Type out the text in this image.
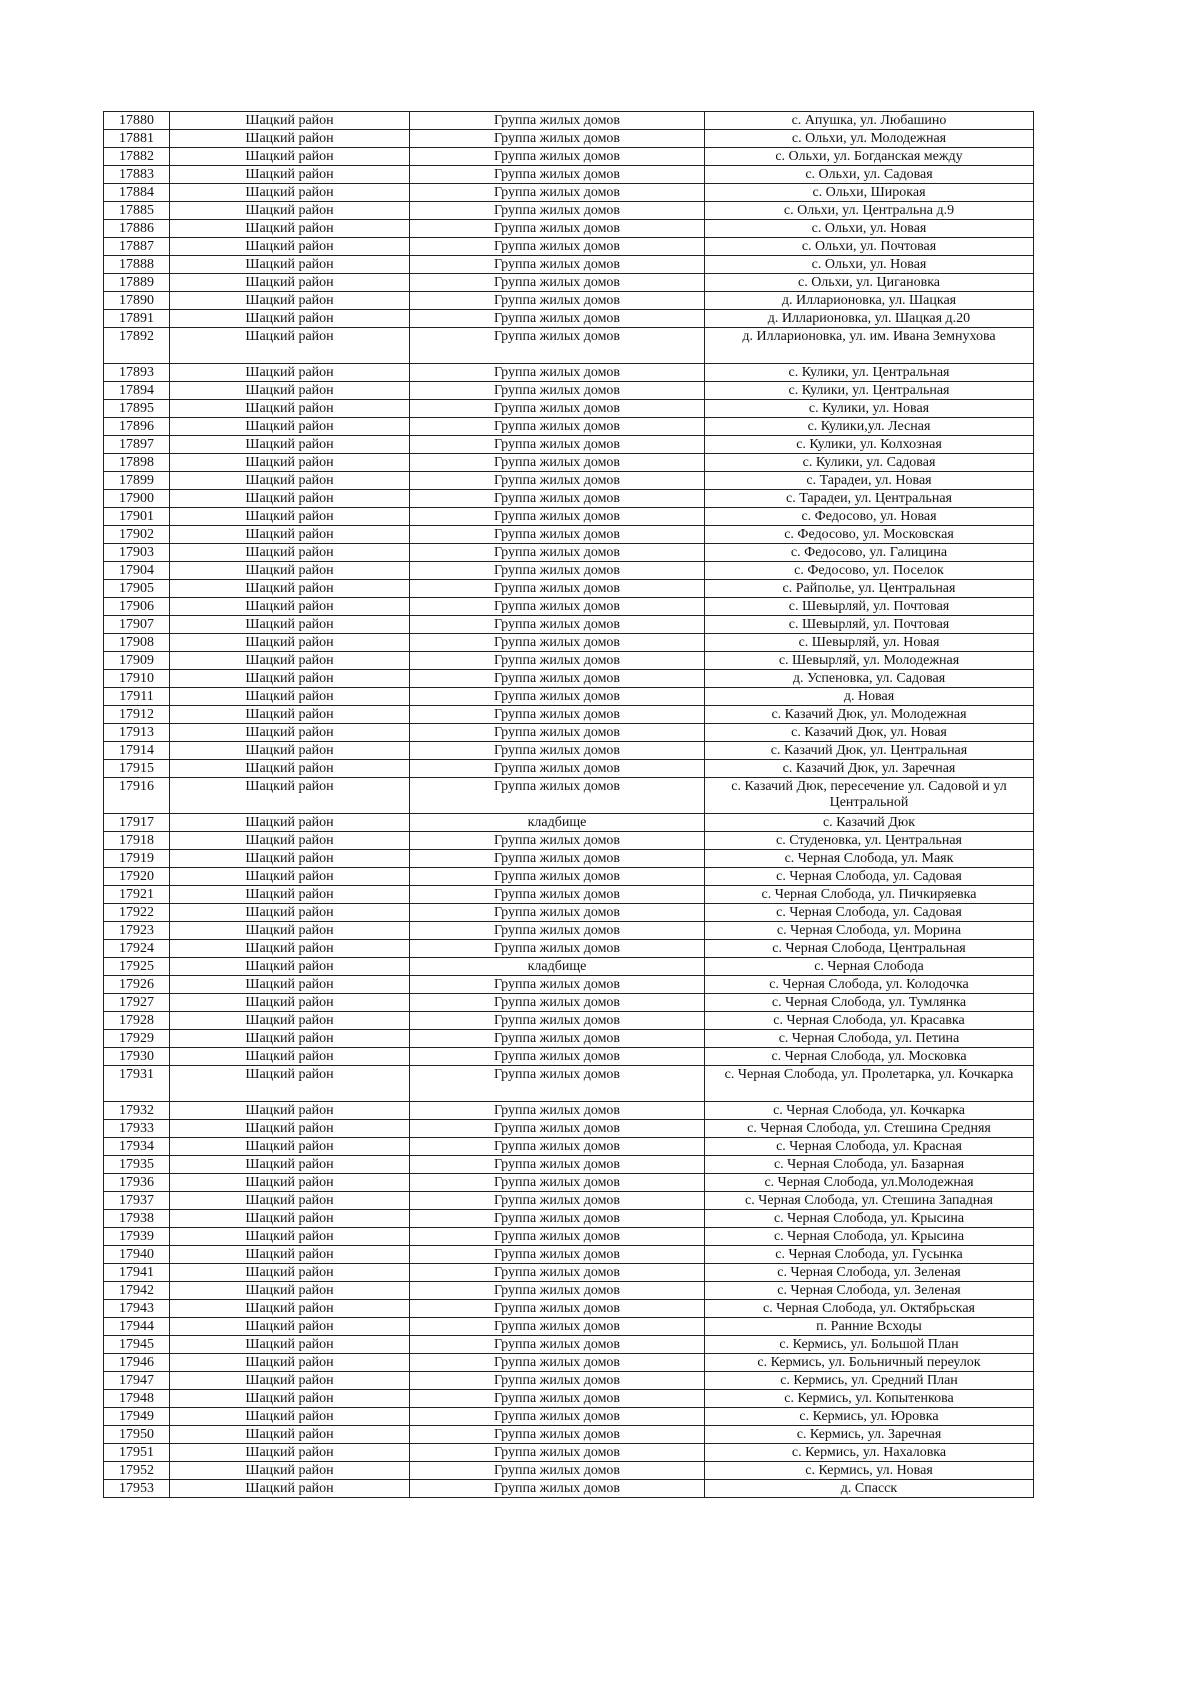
17880	Шацкий район	Группа жилых домов	с. Апушка, ул. Любашино
17881	Шацкий район	Группа жилых домов	с. Ольхи, ул. Молодежная
17882	Шацкий район	Группа жилых домов	с. Ольхи, ул. Богданская между
17883	Шацкий район	Группа жилых домов	с. Ольхи, ул. Садовая
17884	Шацкий район	Группа жилых домов	с. Ольхи, Широкая
17885	Шацкий район	Группа жилых домов	с. Ольхи, ул. Центральна д.9
17886	Шацкий район	Группа жилых домов	с. Ольхи, ул. Новая
17887	Шацкий район	Группа жилых домов	с. Ольхи, ул. Почтовая
17888	Шацкий район	Группа жилых домов	с. Ольхи, ул. Новая
17889	Шацкий район	Группа жилых домов	с. Ольхи, ул. Цигановка
17890	Шацкий район	Группа жилых домов	д. Илларионовка, ул. Шацкая
17891	Шацкий район	Группа жилых домов	д. Илларионовка, ул. Шацкая д.20
17892	Шацкий район	Группа жилых домов	д. Илларионовка, ул. им. Ивана Земнухова
17893	Шацкий район	Группа жилых домов	с. Кулики, ул. Центральная
17894	Шацкий район	Группа жилых домов	с. Кулики, ул. Центральная
17895	Шацкий район	Группа жилых домов	с. Кулики, ул. Новая
17896	Шацкий район	Группа жилых домов	с. Кулики,ул. Лесная
17897	Шацкий район	Группа жилых домов	с. Кулики, ул. Колхозная
17898	Шацкий район	Группа жилых домов	с. Кулики, ул. Садовая
17899	Шацкий район	Группа жилых домов	с. Тарадеи, ул. Новая
17900	Шацкий район	Группа жилых домов	с. Тарадеи, ул. Центральная
17901	Шацкий район	Группа жилых домов	с. Федосово, ул. Новая
17902	Шацкий район	Группа жилых домов	с. Федосово, ул. Московская
17903	Шацкий район	Группа жилых домов	с. Федосово, ул. Галицина
17904	Шацкий район	Группа жилых домов	с. Федосово, ул. Поселок
17905	Шацкий район	Группа жилых домов	с. Райполье, ул. Центральная
17906	Шацкий район	Группа жилых домов	с. Шевырляй, ул. Почтовая
17907	Шацкий район	Группа жилых домов	с. Шевырляй, ул. Почтовая
17908	Шацкий район	Группа жилых домов	с. Шевырляй, ул. Новая
17909	Шацкий район	Группа жилых домов	с. Шевырляй, ул. Молодежная
17910	Шацкий район	Группа жилых домов	д. Успеновка, ул. Садовая
17911	Шацкий район	Группа жилых домов	д. Новая
17912	Шацкий район	Группа жилых домов	с. Казачий Дюк, ул. Молодежная
17913	Шацкий район	Группа жилых домов	с. Казачий Дюк, ул. Новая
17914	Шацкий район	Группа жилых домов	с. Казачий Дюк, ул. Центральная
17915	Шацкий район	Группа жилых домов	с. Казачий Дюк, ул. Заречная
17916	Шацкий район	Группа жилых домов	с. Казачий Дюк, пересечение ул. Садовой и ул Центральной
17917	Шацкий район	кладбище	с. Казачий Дюк
17918	Шацкий район	Группа жилых домов	с. Студеновка, ул. Центральная
17919	Шацкий район	Группа жилых домов	с. Черная Слобода, ул. Маяк
17920	Шацкий район	Группа жилых домов	с. Черная Слобода, ул. Садовая
17921	Шацкий район	Группа жилых домов	с. Черная Слобода, ул. Пичкиряевка
17922	Шацкий район	Группа жилых домов	с. Черная Слобода, ул. Садовая
17923	Шацкий район	Группа жилых домов	с. Черная Слобода, ул. Морина
17924	Шацкий район	Группа жилых домов	с. Черная Слобода, Центральная
17925	Шацкий район	кладбище	с. Черная Слобода
17926	Шацкий район	Группа жилых домов	с. Черная Слобода, ул. Колодочка
17927	Шацкий район	Группа жилых домов	с. Черная Слобода, ул. Тумлянка
17928	Шацкий район	Группа жилых домов	с. Черная Слобода, ул. Красавка
17929	Шацкий район	Группа жилых домов	с. Черная Слобода, ул. Петина
17930	Шацкий район	Группа жилых домов	с. Черная Слобода, ул. Московка
17931	Шацкий район	Группа жилых домов	с. Черная Слобода, ул. Пролетарка, ул. Кочкарка
17932	Шацкий район	Группа жилых домов	с. Черная Слобода, ул. Кочкарка
17933	Шацкий район	Группа жилых домов	с. Черная Слобода, ул. Стешина Средняя
17934	Шацкий район	Группа жилых домов	с. Черная Слобода, ул. Красная
17935	Шацкий район	Группа жилых домов	с. Черная Слобода, ул. Базарная
17936	Шацкий район	Группа жилых домов	с. Черная Слобода, ул.Молодежная
17937	Шацкий район	Группа жилых домов	с. Черная Слобода, ул. Стешина Западная
17938	Шацкий район	Группа жилых домов	с. Черная Слобода, ул. Крысина
17939	Шацкий район	Группа жилых домов	с. Черная Слобода, ул. Крысина
17940	Шацкий район	Группа жилых домов	с. Черная Слобода, ул. Гусынка
17941	Шацкий район	Группа жилых домов	с. Черная Слобода, ул. Зеленая
17942	Шацкий район	Группа жилых домов	с. Черная Слобода, ул. Зеленая
17943	Шацкий район	Группа жилых домов	с. Черная Слобода, ул. Октябрьская
17944	Шацкий район	Группа жилых домов	п. Ранние Всходы
17945	Шацкий район	Группа жилых домов	с. Кермись, ул. Большой План
17946	Шацкий район	Группа жилых домов	с. Кермись, ул. Больничный переулок
17947	Шацкий район	Группа жилых домов	с. Кермись, ул. Средний План
17948	Шацкий район	Группа жилых домов	с. Кермись, ул. Копытенкова
17949	Шацкий район	Группа жилых домов	с. Кермись, ул. Юровка
17950	Шацкий район	Группа жилых домов	с. Кермись, ул. Заречная
17951	Шацкий район	Группа жилых домов	с. Кермись, ул. Нахаловка
17952	Шацкий район	Группа жилых домов	с. Кермись, ул. Новая
17953	Шацкий район	Группа жилых домов	д. Спасск
